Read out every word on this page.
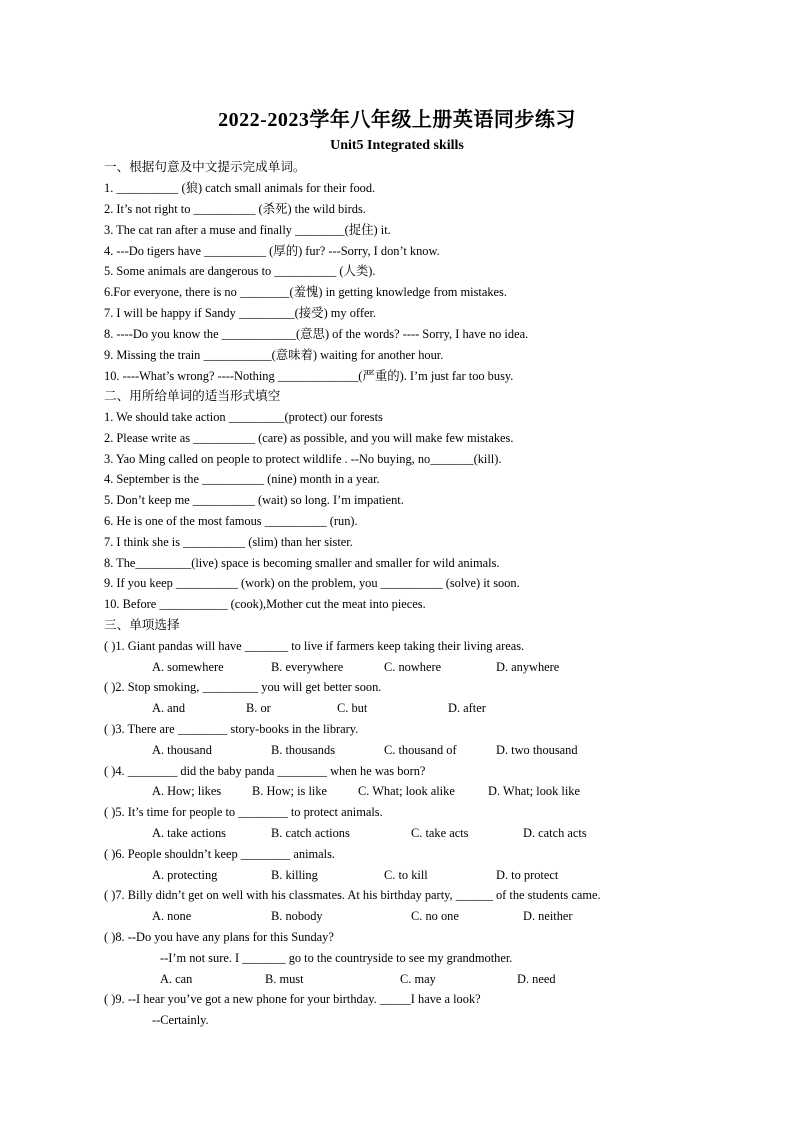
2022-2023学年八年级上册英语同步练习
Unit5 Integrated skills
一、根据句意及中文提示完成单词。
1. __________ (狼) catch small animals for their food.
2. It’s not right to __________ (杀死) the wild birds.
3. The cat ran after a muse and finally ________(捉住) it.
4. ---Do tigers have __________ (厚的) fur? ---Sorry, I don’t know.
5. Some animals are dangerous to __________ (人类).
6.For everyone, there is no ________(羞愧) in getting knowledge from mistakes.
7. I will be happy if Sandy _________(接受) my offer.
8. ----Do you know the ____________(意思) of the words? ---- Sorry, I have no idea.
9. Missing the train ___________(意味着) waiting for another hour.
10. ----What’s wrong? ----Nothing _____________(严重的). I’m just far too busy.
二、用所给单词的适当形式填空
1. We should take action _________(protect) our forests
2. Please write as __________ (care) as possible, and you will make few mistakes.
3. Yao Ming called on people to protect wildlife . --No buying, no_______(kill).
4. September is the __________ (nine) month in a year.
5. Don’t keep me __________ (wait) so long. I’m impatient.
6. He is one of the most famous __________ (run).
7. I think she is __________ (slim) than her sister.
8. The_________(live) space is becoming smaller and smaller for wild animals.
9. If you keep __________ (work) on the problem, you __________ (solve) it soon.
10. Before ___________ (cook),Mother cut the meat into pieces.
三、单项选择
( )1. Giant pandas will have _______ to live if farmers keep taking their living areas.
A. somewhere	B. everywhere	C. nowhere	D. anywhere
( )2. Stop smoking, _________ you will get better soon.
A. and	B. or	C. but	D. after
( )3. There are ________ story-books in the library.
A. thousand	B. thousands	C. thousand of	D. two thousand
( )4. ________ did the baby panda ________ when he was born?
A. How; likes B. How; is like C. What; look alike	D. What; look like
( )5. It’s time for people to ________ to protect animals.
A. take actions	B. catch actions	C. take acts	D. catch acts
( )6. People shouldn’t keep ________ animals.
A. protecting	B. killing	C. to kill	D. to protect
( )7. Billy didn’t get on well with his classmates. At his birthday party, ______ of the students came.
A. none	B. nobody	C. no one	D. neither
( )8. --Do you have any plans for this Sunday?
--I’m not sure. I _______ go to the countryside to see my grandmother.
A. can	B. must	C. may	D. need
( )9. --I hear you’ve got a new phone for your birthday. _____I have a look?
--Certainly.
